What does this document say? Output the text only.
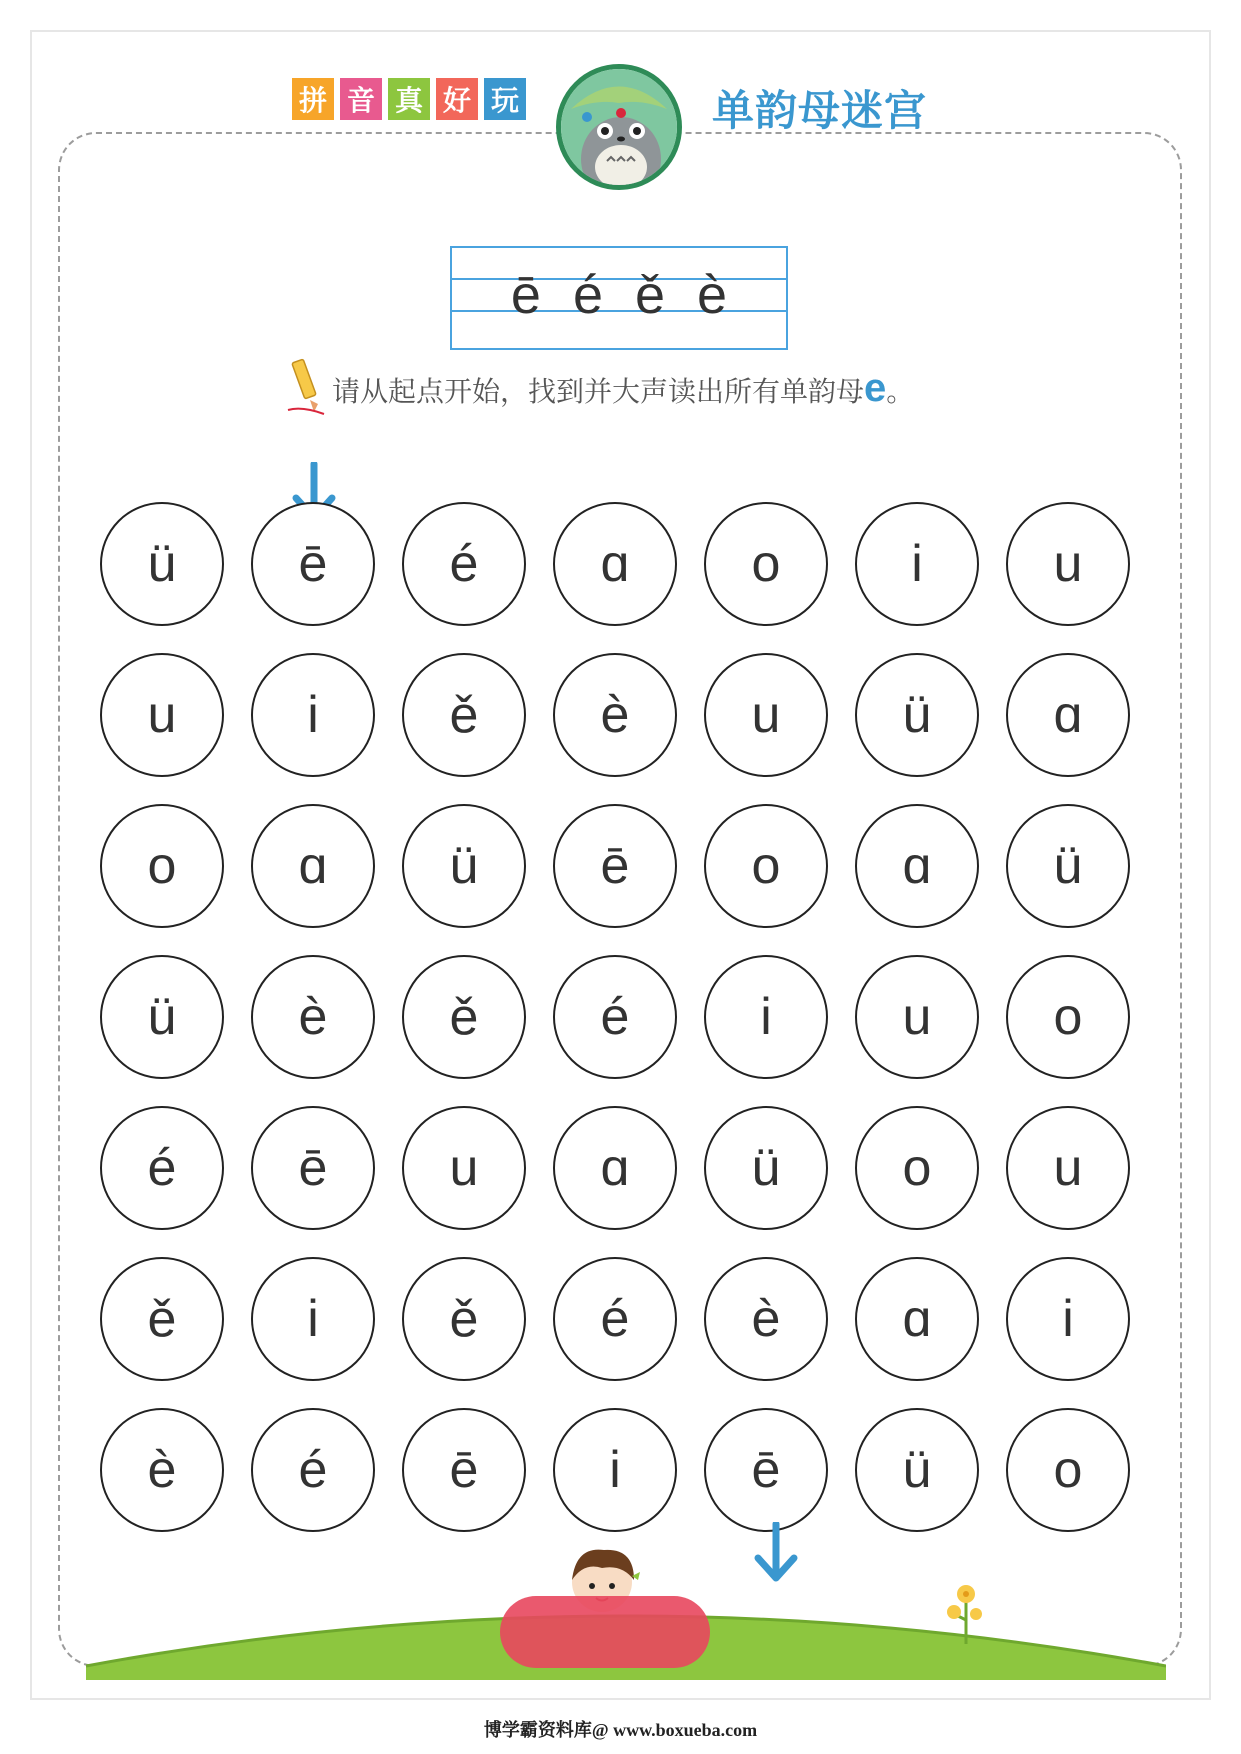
拼 音 真 好 玩	单韵母迷宫
ē é ě è
请从起点开始，找到并大声读出所有单韵母e。
ü	ē	é	ɑ	o	i	u
u	i	ě	è	u	ü	ɑ
o	ɑ	ü	ē	o	ɑ	ü
ü	è	ě	é	i	u	o
é	ē	u	ɑ	ü	o	u
ě	i	ě	é	è	ɑ	i
è	é	ē	i	ē	ü	o
博学霸资料库@ www.boxueba.com
